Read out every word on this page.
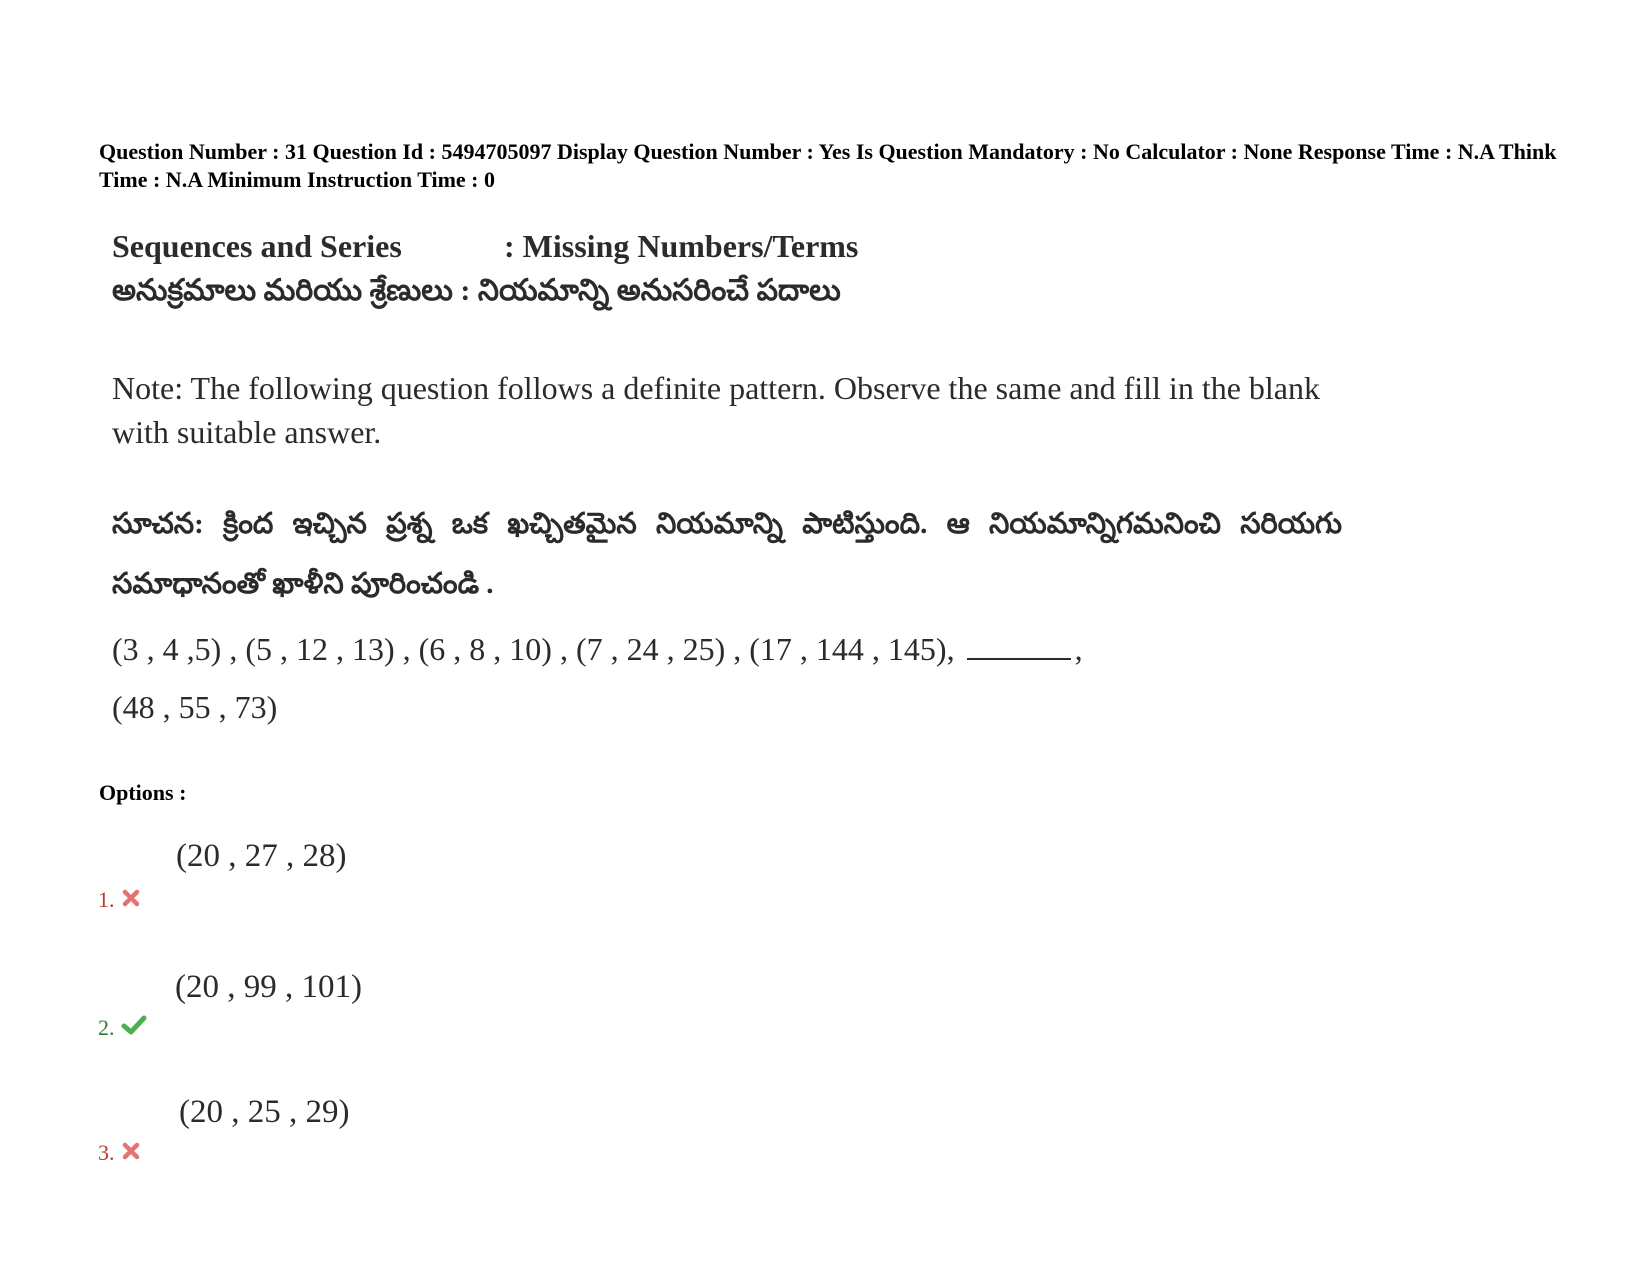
Question Number : 31 Question Id : 5494705097 Display Question Number : Yes Is Question Mandatory : No Calculator : None Response Time : N.A Think Time : N.A Minimum Instruction Time : 0
Sequences and Series	: Missing Numbers/Terms
అనుక్రమాలు మరియు శ్రేణులు : నియమాన్ని అనుసరించే పదాలు
Note: The following question follows a definite pattern. Observe the same and fill in the blank with suitable answer.
సూచన: క్రింద ఇచ్చిన ప్రశ్న ఒక ఖచ్చితమైన నియమాన్ని పాటిస్తుంది. ఆ నియమాన్నిగమనించి సరియగు సమాధానంతో ఖాళీని పూరించండి .
(3 , 4 ,5) , (5 , 12 , 13) , (6 , 8 , 10) , (7 , 24 , 25) , (17 , 144 , 145),	,
(48 , 55 , 73)
Options :
(20 , 27 , 28)
1.
(20 , 99 , 101)
2.
(20 , 25 , 29)
3.
